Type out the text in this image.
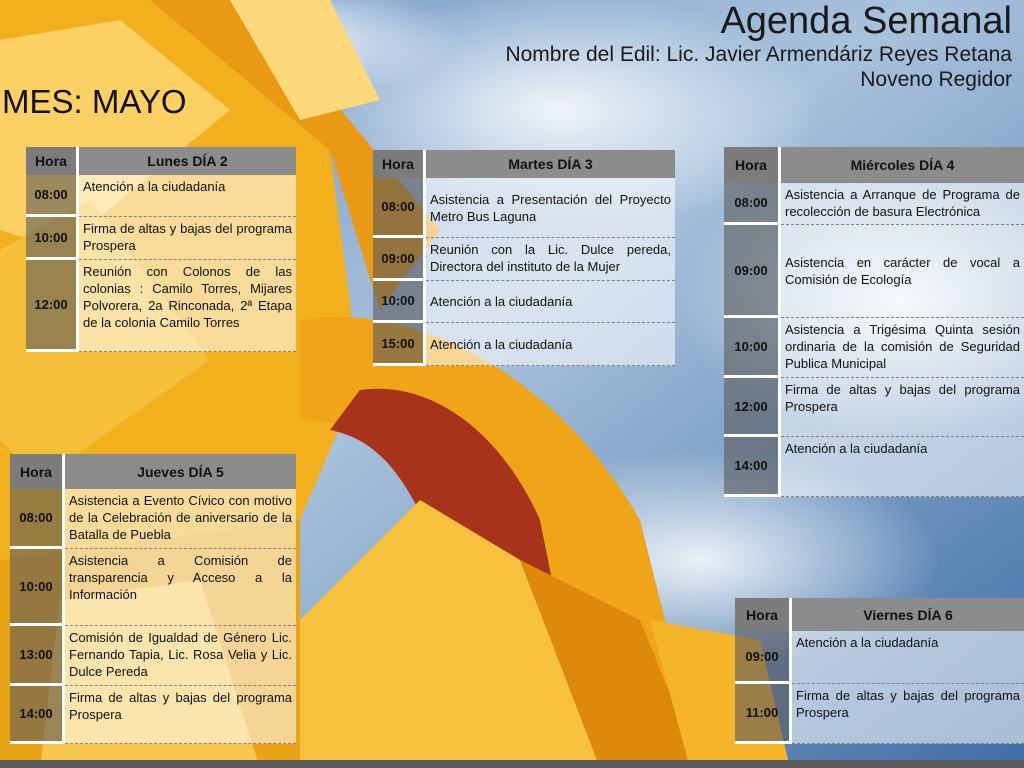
Agenda Semanal
Nombre del Edil: Lic. Javier Armendáriz Reyes Retana
Noveno Regidor
MES: MAYO
Hora	Lunes DÍA 2
08:00	Atención a la ciudadanía
10:00	Firma de altas y bajas del programa Prospera
12:00	Reunión con Colonos de las colonias : Camilo Torres, Mijares Polvorera, 2a Rinconada, 2ª Etapa de la colonia Camilo Torres
Hora	Martes DÍA 3
08:00	Asistencia a Presentación del Proyecto Metro Bus Laguna
09:00	Reunión con la Lic. Dulce pereda, Directora del instituto de la Mujer
10:00	Atención a la ciudadanía
15:00	Atención a la ciudadanía
Hora	Miércoles DÍA 4
08:00	Asistencia a Arranque de Programa de recolección de basura Electrónica
09:00	Asistencia en carácter de vocal a Comisión de Ecología
10:00	Asistencia a Trigésima Quinta sesión ordinaria de la comisión de Seguridad Publica Municipal
12:00	Firma de altas y bajas del programa Prospera
14:00	Atención a la ciudadanía
Hora	Jueves DÍA 5
08:00	Asistencia a Evento Cívico con motivo de la Celebración de aniversario de la Batalla de Puebla
10:00	Asistencia a Comisión de transparencia y Acceso a la Información
13:00	Comisión de Igualdad de Género Lic. Fernando Tapia, Lic. Rosa Velia y Lic. Dulce Pereda
14:00	Firma de altas y bajas del programa Prospera
Hora	Viernes DÍA 6
09:00	Atención a la ciudadanía
11:00	Firma de altas y bajas del programa Prospera
